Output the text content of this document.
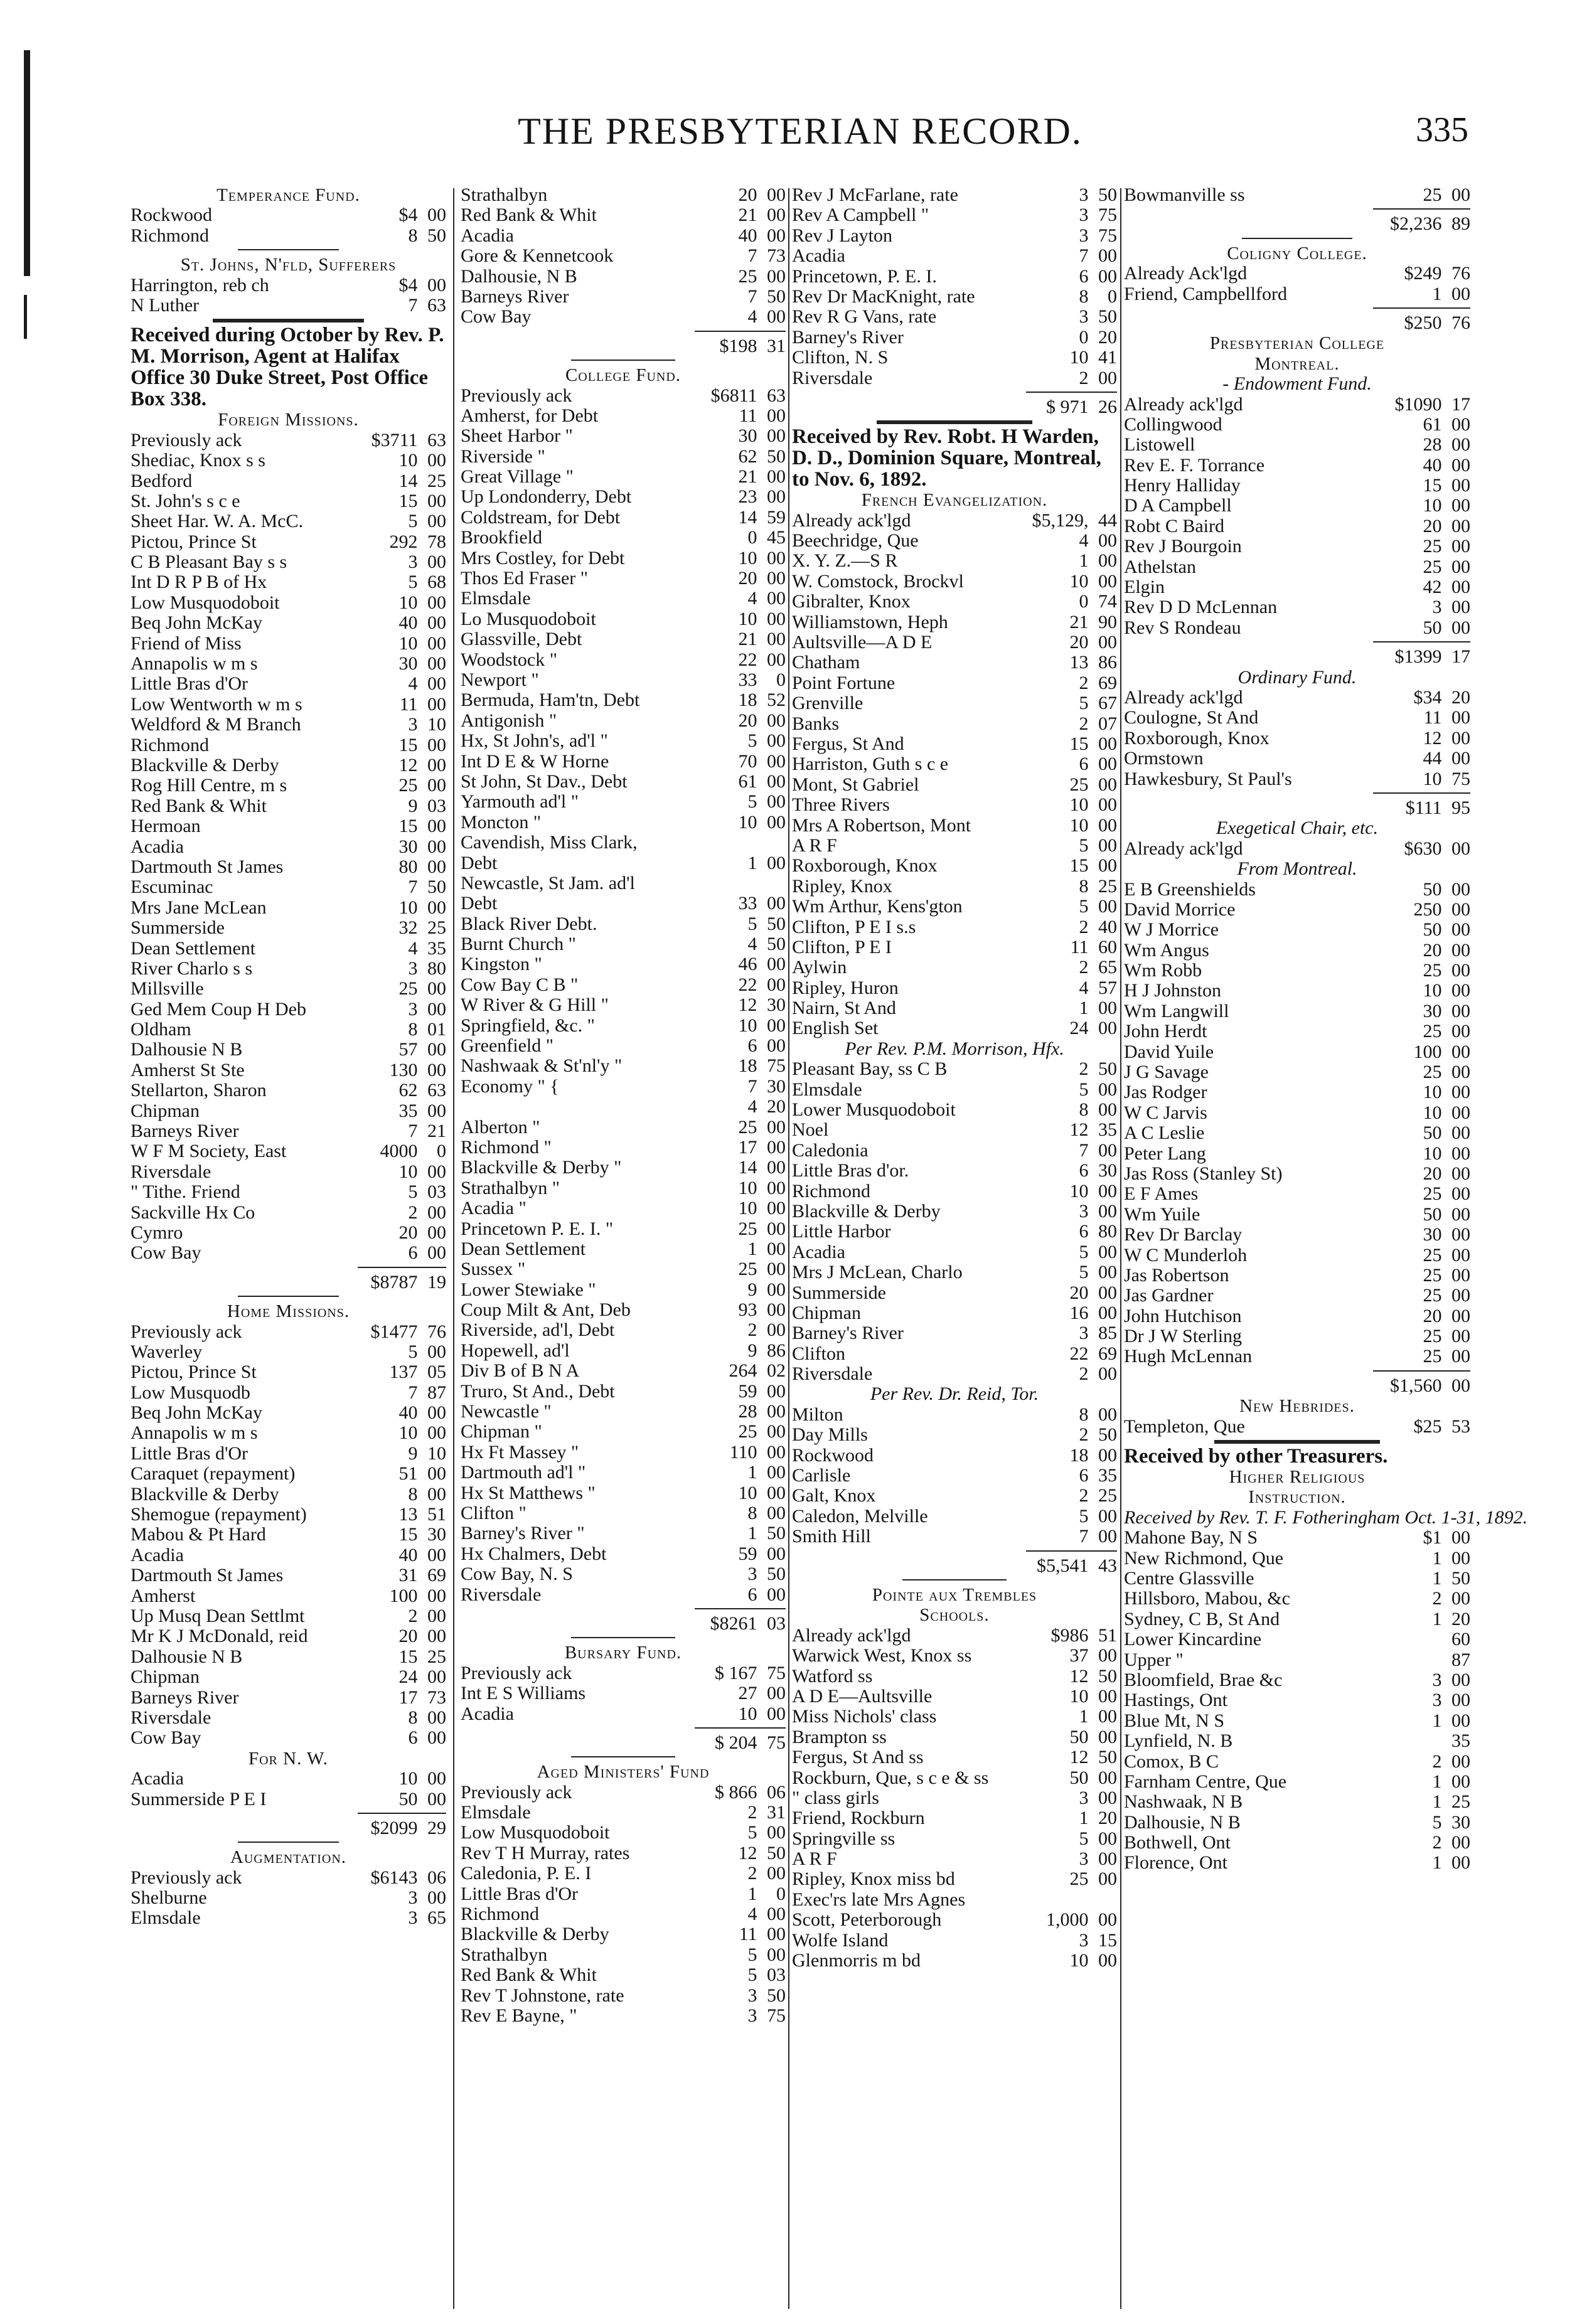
THE PRESBYTERIAN RECORD.	335
Temperance Fund.
Rockwood	$4 00
Richmond	8 50
St. Johns, N'fld, Sufferers
Harrington, reb ch	$4 00
N Luther	7 63
Received during October by Rev. P. M. Morrison, Agent at Halifax Office 30 Duke Street, Post Office Box 338.
Foreign Missions.
Previously ack	$3711 63
Shediac, Knox s s	10 00
Bedford	14 25
St. John's s c e	15 00
Sheet Har. W. A. McC.	5 00
Pictou, Prince St	292 78
C B Pleasant Bay s s	3 00
Int D R P B of Hx	5 68
Low Musquodoboit	10 00
Beq John McKay	40 00
Friend of Miss	10 00
Annapolis w m s	30 00
Little Bras d'Or	4 00
Low Wentworth w m s	11 00
Weldford & M Branch	3 10
Richmond	15 00
Blackville & Derby	12 00
Rog Hill Centre, m s	25 00
Red Bank & Whit	9 03
Hermoan	15 00
Acadia	30 00
Dartmouth St James	80 00
Escuminac	7 50
Mrs Jane McLean	10 00
Summerside	32 25
Dean Settlement	4 35
River Charlo s s	3 80
Millsville	25 00
Ged Mem Coup H Deb	3 00
Oldham	8 01
Dalhousie N B	57 00
Amherst St Ste	130 00
Stellarton, Sharon	62 63
Chipman	35 00
Barneys River	7 21
W F M Society, East	4000 0
Riversdale	10 00
" Tithe. Friend	5 03
Sackville Hx Co	2 00
Cymro	20 00
Cow Bay	6 00
$8787 19
Home Missions.
Previously ack	$1477 76
Waverley	5 00
Pictou, Prince St	137 05
Low Musquodb	7 87
Beq John McKay	40 00
Annapolis w m s	10 00
Little Bras d'Or	9 10
Caraquet (repayment)	51 00
Blackville & Derby	8 00
Shemogue (repayment)	13 51
Mabou & Pt Hard	15 30
Acadia	40 00
Dartmouth St James	31 69
Amherst	100 00
Up Musq Dean Settlmt	2 00
Mr K J McDonald, reid	20 00
Dalhousie N B	15 25
Chipman	24 00
Barneys River	17 73
Riversdale	8 00
Cow Bay	6 00
For N. W.
Acadia	10 00
Summerside P E I	50 00
$2099 29
Augmentation.
Previously ack	$6143 06
Shelburne	3 00
Elmsdale	3 65
Strathalbyn	20 00
Red Bank & Whit	21 00
Acadia	40 00
Gore & Kennetcook	7 73
Dalhousie, N B	25 00
Barneys River	7 50
Cow Bay	4 00
$198 31
College Fund.
Previously ack	$6811 63
Amherst, for Debt	11 00
Sheet Harbor "	30 00
Riverside "	62 50
Great Village "	21 00
Up Londonderry, Debt	23 00
Coldstream, for Debt	14 59
Brookfield	0 45
Mrs Costley, for Debt	10 00
Thos Ed Fraser "	20 00
Elmsdale	4 00
Lo Musquodoboit	10 00
Glassville, Debt	21 00
Woodstock "	22 00
Newport "	33 0
Bermuda, Ham'tn, Debt	18 52
Antigonish "	20 00
Hx, St John's, ad'l "	5 00
Int D E & W Horne	70 00
St John, St Dav., Debt	61 00
Yarmouth ad'l "	5 00
Moncton "	10 00
Cavendish, Miss Clark,
Debt	1 00
Newcastle, St Jam. ad'l
Debt	33 00
Black River Debt.	5 50
Burnt Church "	4 50
Kingston "	46 00
Cow Bay C B "	22 00
W River & G Hill "	12 30
Springfield, &c. "	10 00
Greenfield "	6 00
Nashwaak & St'nl'y "	18 75
Economy " {	7 30
4 20
Alberton "	25 00
Richmond "	17 00
Blackville & Derby "	14 00
Strathalbyn "	10 00
Acadia "	10 00
Princetown P. E. I. "	25 00
Dean Settlement	1 00
Sussex "	25 00
Lower Stewiake "	9 00
Coup Milt & Ant, Deb	93 00
Riverside, ad'l, Debt	2 00
Hopewell, ad'l	9 86
Div B of B N A	264 02
Truro, St And., Debt	59 00
Newcastle "	28 00
Chipman "	25 00
Hx Ft Massey "	110 00
Dartmouth ad'l "	1 00
Hx St Matthews "	10 00
Clifton "	8 00
Barney's River "	1 50
Hx Chalmers, Debt	59 00
Cow Bay, N. S	3 50
Riversdale	6 00
$8261 03
Bursary Fund.
Previously ack	$ 167 75
Int E S Williams	27 00
Acadia	10 00
$ 204 75
Aged Ministers' Fund
Previously ack	$ 866 06
Elmsdale	2 31
Low Musquodoboit	5 00
Rev T H Murray, rates	12 50
Caledonia, P. E. I	2 00
Little Bras d'Or	1 0
Richmond	4 00
Blackville & Derby	11 00
Strathalbyn	5 00
Red Bank & Whit	5 03
Rev T Johnstone, rate	3 50
Rev E Bayne, "	3 75
Rev J McFarlane, rate	3 50
Rev A Campbell "	3 75
Rev J Layton	3 75
Acadia	7 00
Princetown, P. E. I.	6 00
Rev Dr MacKnight, rate	8 0
Rev R G Vans, rate	3 50
Barney's River	0 20
Clifton, N. S	10 41
Riversdale	2 00
$ 971 26
Received by Rev. Robt. H Warden, D. D., Dominion Square, Montreal, to Nov. 6, 1892.
French Evangelization.
Already ack'lgd	$5,129, 44
Beechridge, Que	4 00
X. Y. Z.—S R	1 00
W. Comstock, Brockvl	10 00
Gibralter, Knox	0 74
Williamstown, Heph	21 90
Aultsville—A D E	20 00
Chatham	13 86
Point Fortune	2 69
Grenville	5 67
Banks	2 07
Fergus, St And	15 00
Harriston, Guth s c e	6 00
Mont, St Gabriel	25 00
Three Rivers	10 00
Mrs A Robertson, Mont	10 00
A R F	5 00
Roxborough, Knox	15 00
Ripley, Knox	8 25
Wm Arthur, Kens'gton	5 00
Clifton, P E I s.s	2 40
Clifton, P E I	11 60
Aylwin	2 65
Ripley, Huron	4 57
Nairn, St And	1 00
English Set	24 00
Per Rev. P.M. Morrison, Hfx.
Pleasant Bay, ss C B	2 50
Elmsdale	5 00
Lower Musquodoboit	8 00
Noel	12 35
Caledonia	7 00
Little Bras d'or.	6 30
Richmond	10 00
Blackville & Derby	3 00
Little Harbor	6 80
Acadia	5 00
Mrs J McLean, Charlo	5 00
Summerside	20 00
Chipman	16 00
Barney's River	3 85
Clifton	22 69
Riversdale	2 00
Per Rev. Dr. Reid, Tor.
Milton	8 00
Day Mills	2 50
Rockwood	18 00
Carlisle	6 35
Galt, Knox	2 25
Caledon, Melville	5 00
Smith Hill	7 00
$5,541 43
Pointe aux Trembles
Schools.
Already ack'lgd	$986 51
Warwick West, Knox ss	37 00
Watford ss	12 50
A D E—Aultsville	10 00
Miss Nichols' class	1 00
Brampton ss	50 00
Fergus, St And ss	12 50
Rockburn, Que, s c e & ss	50 00
" class girls	3 00
Friend, Rockburn	1 20
Springville ss	5 00
A R F	3 00
Ripley, Knox miss bd	25 00
Exec'rs late Mrs Agnes
Scott, Peterborough	1,000 00
Wolfe Island	3 15
Glenmorris m bd	10 00
Bowmanville ss	25 00
$2,236 89
Coligny College.
Already Ack'lgd	$249 76
Friend, Campbellford	1 00
$250 76
Presbyterian College
Montreal.
- Endowment Fund.
Already ack'lgd	$1090 17
Collingwood	61 00
Listowell	28 00
Rev E. F. Torrance	40 00
Henry Halliday	15 00
D A Campbell	10 00
Robt C Baird	20 00
Rev J Bourgoin	25 00
Athelstan	25 00
Elgin	42 00
Rev D D McLennan	3 00
Rev S Rondeau	50 00
$1399 17
Ordinary Fund.
Already ack'lgd	$34 20
Coulogne, St And	11 00
Roxborough, Knox	12 00
Ormstown	44 00
Hawkesbury, St Paul's	10 75
$111 95
Exegetical Chair, etc.
Already ack'lgd	$630 00
From Montreal.
E B Greenshields	50 00
David Morrice	250 00
W J Morrice	50 00
Wm Angus	20 00
Wm Robb	25 00
H J Johnston	10 00
Wm Langwill	30 00
John Herdt	25 00
David Yuile	100 00
J G Savage	25 00
Jas Rodger	10 00
W C Jarvis	10 00
A C Leslie	50 00
Peter Lang	10 00
Jas Ross (Stanley St)	20 00
E F Ames	25 00
Wm Yuile	50 00
Rev Dr Barclay	30 00
W C Munderloh	25 00
Jas Robertson	25 00
Jas Gardner	25 00
John Hutchison	20 00
Dr J W Sterling	25 00
Hugh McLennan	25 00
$1,560 00
New Hebrides.
Templeton, Que	$25 53
Received by other Treasurers.
Higher Religious
Instruction.
Received by Rev. T. F. Fotheringham Oct. 1-31, 1892.
Mahone Bay, N S	$1 00
New Richmond, Que	1 00
Centre Glassville	1 50
Hillsboro, Mabou, &c	2 00
Sydney, C B, St And	1 20
Lower Kincardine	60
Upper "	87
Bloomfield, Brae &c	3 00
Hastings, Ont	3 00
Blue Mt, N S	1 00
Lynfield, N. B	35
Comox, B C	2 00
Farnham Centre, Que	1 00
Nashwaak, N B	1 25
Dalhousie, N B	5 30
Bothwell, Ont	2 00
Florence, Ont	1 00
